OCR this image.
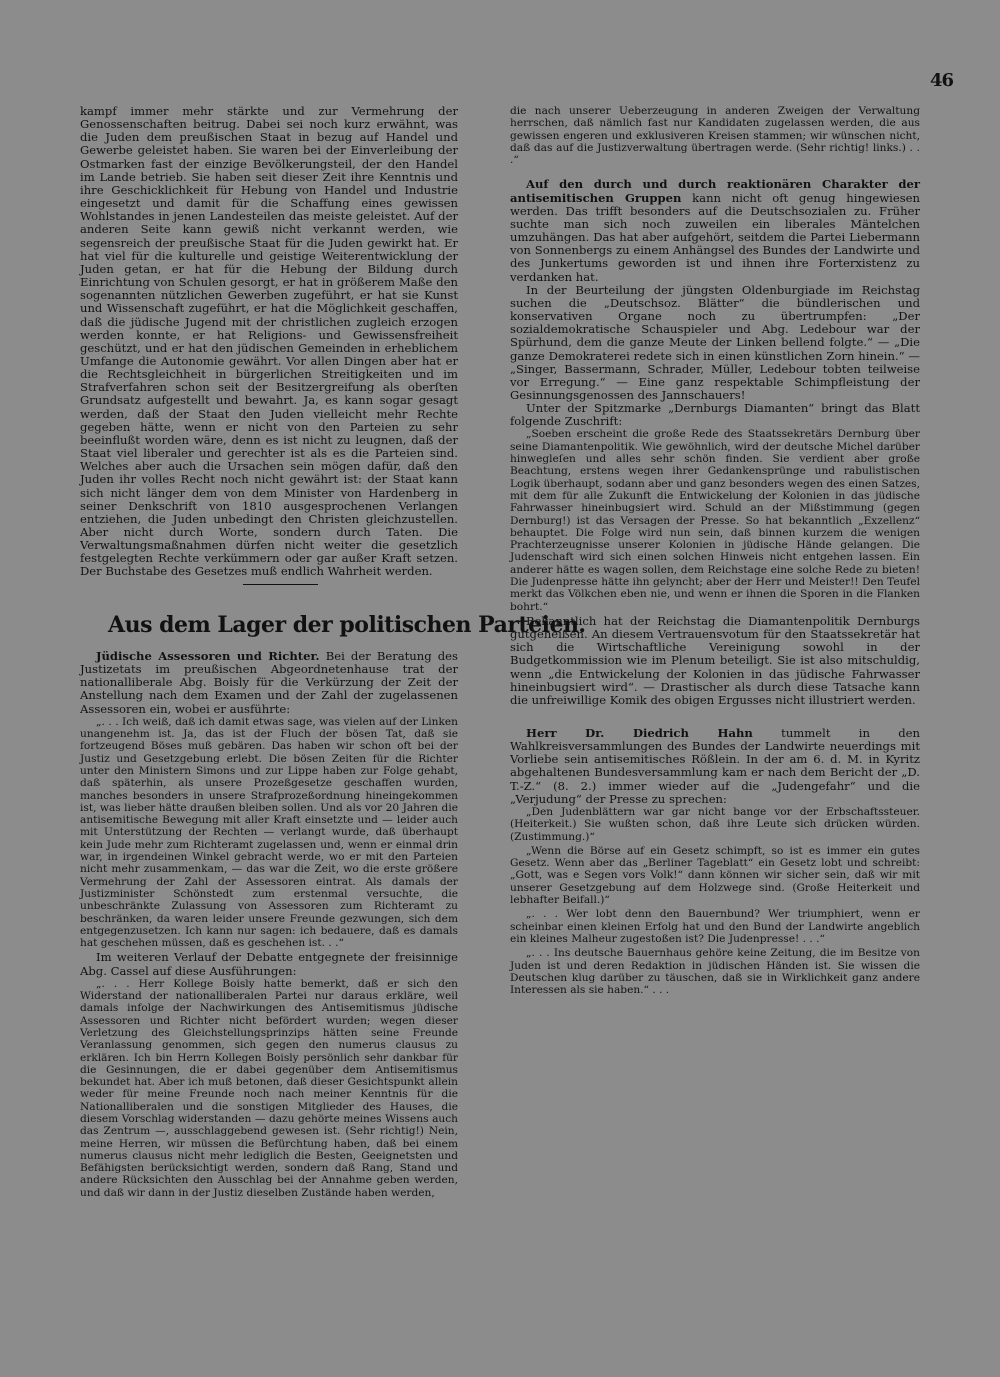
46

kampf immer mehr stärkte und zur Vermehrung der Genossenschaften beitrug. Dabei sei noch kurz erwähnt, was die Juden dem preußischen Staat in bezug auf Handel und Gewerbe geleistet haben. Sie waren bei der Einverleibung der Ostmarken fast der einzige Bevölkerungsteil, der den Handel im Lande betrieb. Sie haben seit dieser Zeit ihre Kenntnis und ihre Geschicklichkeit für Hebung von Handel und Industrie eingesetzt und damit für die Schaffung eines gewissen Wohlstandes in jenen Landesteilen das meiste geleistet. Auf der anderen Seite kann gewiß nicht verkannt werden, wie segensreich der preußische Staat für die Juden gewirkt hat. Er hat viel für die kulturelle und geistige Weiterentwicklung der Juden getan, er hat für die Hebung der Bildung durch Einrichtung von Schulen gesorgt, er hat in größerem Maße den sogenannten nützlichen Gewerben zugeführt, er hat sie Kunst und Wissenschaft zugeführt, er hat die Möglichkeit geschaffen, daß die jüdische Jugend mit der christlichen zugleich erzogen werden konnte, er hat Religions- und Gewissensfreiheit geschützt, und er hat den jüdischen Gemeinden in erheblichem Umfange die Autonomie gewährt. Vor allen Dingen aber hat er die Rechtsgleichheit in bürgerlichen Streitigkeiten und im Strafverfahren schon seit der Besitzergreifung als oberſten Grundsatz aufgestellt und bewahrt. Ja, es kann sogar gesagt werden, daß der Staat den Juden vielleicht mehr Rechte gegeben hätte, wenn er nicht von den Parteien zu sehr beeinflußt worden wäre, denn es ist nicht zu leugnen, daß der Staat viel liberaler und gerechter ist als es die Parteien sind. Welches aber auch die Ursachen sein mögen dafür, daß den Juden ihr volles Recht noch nicht gewährt ist: der Staat kann sich nicht länger dem von dem Minister von Hardenberg in seiner Denkschrift von 1810 ausgesprochenen Verlangen entziehen, die Juden unbedingt den Christen gleichzustellen. Aber nicht durch Worte, sondern durch Taten. Die Verwaltungsmaßnahmen dürfen nicht weiter die gesetzlich festgelegten Rechte verkümmern oder gar außer Kraft setzen. Der Buchstabe des Gesetzes muß endlich Wahrheit werden.

Aus dem Lager der politischen Parteien.

Jüdische Assessoren und Richter. Bei der Beratung des Justizetats im preußischen Abgeordnetenhause trat der nationalliberale Abg. Boisly für die Verkürzung der Zeit der Anstellung nach dem Examen und der Zahl der zugelassenen Assessoren ein, wobei er ausführte:

„. . . Ich weiß, daß ich damit etwas sage, was vielen auf der Linken unangenehm ist. Ja, das ist der Fluch der bösen Tat, daß sie fortzeugend Böses muß gebären. Das haben wir schon oft bei der Justiz und Gesetzgebung erlebt. Die bösen Zeiten für die Richter unter den Ministern Simons und zur Lippe haben zur Folge gehabt, daß späterhin, als unsere Prozeßgesetze geschaffen wurden, manches besonders in unsere Strafprozeßordnung hineingekommen ist, was lieber hätte draußen bleiben sollen. Und als vor 20 Jahren die antisemitische Bewegung mit aller Kraft einsetzte und — leider auch mit Unterstützung der Rechten — verlangt wurde, daß überhaupt kein Jude mehr zum Richteramt zugelassen und, wenn er einmal drin war, in irgendeinen Winkel gebracht werde, wo er mit den Parteien nicht mehr zusammenkam, — das war die Zeit, wo die erste größere Vermehrung der Zahl der Assessoren eintrat. Als damals der Justizminister Schönstedt zum erstenmal versuchte, die unbeschränkte Zulassung von Assessoren zum Richteramt zu beschränken, da waren leider unsere Freunde gezwungen, sich dem entgegenzusetzen. Ich kann nur sagen: ich bedauere, daß es damals hat geschehen müssen, daß es geschehen ist. . .“

Im weiteren Verlauf der Debatte entgegnete der freisinnige Abg. Cassel auf diese Ausführungen:

„. . . Herr Kollege Boisly hatte bemerkt, daß er sich den Widerstand der nationalliberalen Partei nur daraus erkläre, weil damals infolge der Nachwirkungen des Antisemitismus jüdische Assessoren und Richter nicht befördert wurden; wegen dieser Verletzung des Gleichstellungsprinzips hätten seine Freunde Veranlassung genommen, sich gegen den numerus clausus zu erklären. Ich bin Herrn Kollegen Boisly persönlich sehr dankbar für die Gesinnungen, die er dabei gegenüber dem Antisemitismus bekundet hat. Aber ich muß betonen, daß dieser Gesichtspunkt allein weder für meine Freunde noch nach meiner Kenntnis für die Nationalliberalen und die sonstigen Mitglieder des Hauses, die diesem Vorschlag widerstanden — dazu gehörte meines Wissens auch das Zentrum —, ausschlaggebend gewesen ist. (Sehr richtig!) Nein, meine Herren, wir müssen die Befürchtung haben, daß bei einem numerus clausus nicht mehr lediglich die Besten, Geeignetsten und Befähigsten berücksichtigt werden, sondern daß Rang, Stand und andere Rücksichten den Ausschlag bei der Annahme geben werden, und daß wir dann in der Justiz dieselben Zustände haben werden,

die nach unserer Ueberzeugung in anderen Zweigen der Verwaltung herrschen, daß nämlich fast nur Kandidaten zugelassen werden, die aus gewissen engeren und exklusiveren Kreisen stammen; wir wünschen nicht, daß das auf die Justizverwaltung übertragen werde. (Sehr richtig! links.) . . .“

Auf den durch und durch reaktionären Charakter der antisemitischen Gruppen kann nicht oft genug hingewiesen werden. Das trifft besonders auf die Deutschsozialen zu. Früher suchte man sich noch zuweilen ein liberales Mäntelchen umzuhängen. Das hat aber aufgehört, seitdem die Partei Liebermann von Sonnenbergs zu einem Anhängsel des Bundes der Landwirte und des Junkertums geworden ist und ihnen ihre Forterxistenz zu verdanken hat.

In der Beurteilung der jüngsten Oldenburgiade im Reichstag suchen die „Deutschsoz. Blätter“ die bündlerischen und konservativen Organe noch zu übertrumpfen: „Der sozialdemokratische Schauspieler und Abg. Ledebour war der Spürhund, dem die ganze Meute der Linken bellend folgte.“ — „Die ganze Demokraterei redete sich in einen künstlichen Zorn hinein.“ — „Singer, Bassermann, Schrader, Müller, Ledebour tobten teilweise vor Erregung.“ — Eine ganz respektable Schimpfleistung der Gesinnungsgenossen des Jannschauers!

Unter der Spitzmarke „Dernburgs Diamanten“ bringt das Blatt folgende Zuschrift:

„Soeben erscheint die große Rede des Staatssekretärs Dernburg über seine Diamantenpolitik. Wie gewöhnlich, wird der deutsche Michel darüber hinwegleſen und alles sehr schön finden. Sie verdient aber große Beachtung, erstens wegen ihrer Gedankensprünge und rabulistischen Logik überhaupt, sodann aber und ganz besonders wegen des einen Satzes, mit dem für alle Zukunft die Entwickelung der Kolonien in das jüdische Fahrwasser hineinbugsiert wird. Schuld an der Mißstimmung (gegen Dernburg!) ist das Versagen der Presse. So hat bekanntlich „Exzellenz“ behauptet. Die Folge wird nun sein, daß binnen kurzem die wenigen Prachterzeugnisse unserer Kolonien in jüdische Hände gelangen. Die Judenschaft wird sich einen solchen Hinweis nicht entgehen lassen. Ein anderer hätte es wagen sollen, dem Reichstage eine solche Rede zu bieten! Die Judenpresse hätte ihn gelyncht; aber der Herr und Meister!! Den Teufel merkt das Völkchen eben nie, und wenn er ihnen die Sporen in die Flanken bohrt.“

Bekanntlich hat der Reichstag die Diamantenpolitik Dernburgs gutgeheißen. An diesem Vertrauensvotum für den Staatssekretär hat sich die Wirtschaftliche Vereinigung sowohl in der Budgetkommission wie im Plenum beteiligt. Sie ist also mitschuldig, wenn „die Entwickelung der Kolonien in das jüdische Fahrwasser hineinbugsiert wird“. — Drastischer als durch diese Tatsache kann die unfreiwillige Komik des obigen Ergusses nicht illustriert werden.

Herr Dr. Diedrich Hahn tummelt in den Wahlkreisversammlungen des Bundes der Landwirte neuerdings mit Vorliebe sein antisemitisches Rößlein. In der am 6. d. M. in Kyritz abgehaltenen Bundesversammlung kam er nach dem Bericht der „D. T.-Z.“ (8. 2.) immer wieder auf die „Judengefahr“ und die „Verjudung“ der Presse zu sprechen:

„Den Judenblättern war gar nicht bange vor der Erbschaftssteuer. (Heiterkeit.) Sie wußten schon, daß ihre Leute sich drücken würden. (Zustimmung.)“

„Wenn die Börse auf ein Gesetz schimpft, so ist es immer ein gutes Gesetz. Wenn aber das „Berliner Tageblatt“ ein Gesetz lobt und schreibt: „Gott, was e Segen vors Volk!“ dann können wir sicher sein, daß wir mit unserer Gesetzgebung auf dem Holzwege sind. (Große Heiterkeit und lebhafter Beifall.)“

„. . . Wer lobt denn den Bauernbund? Wer triumphiert, wenn er scheinbar einen kleinen Erfolg hat und den Bund der Landwirte angeblich ein kleines Malheur zugestoßen ist? Die Judenpresse! . . .“

„. . . Ins deutsche Bauernhaus gehöre keine Zeitung, die im Besitze von Juden ist und deren Redaktion in jüdischen Händen ist. Sie wissen die Deutschen klug darüber zu täuschen, daß sie in Wirklichkeit ganz andere Interessen als sie haben.“ . . .
